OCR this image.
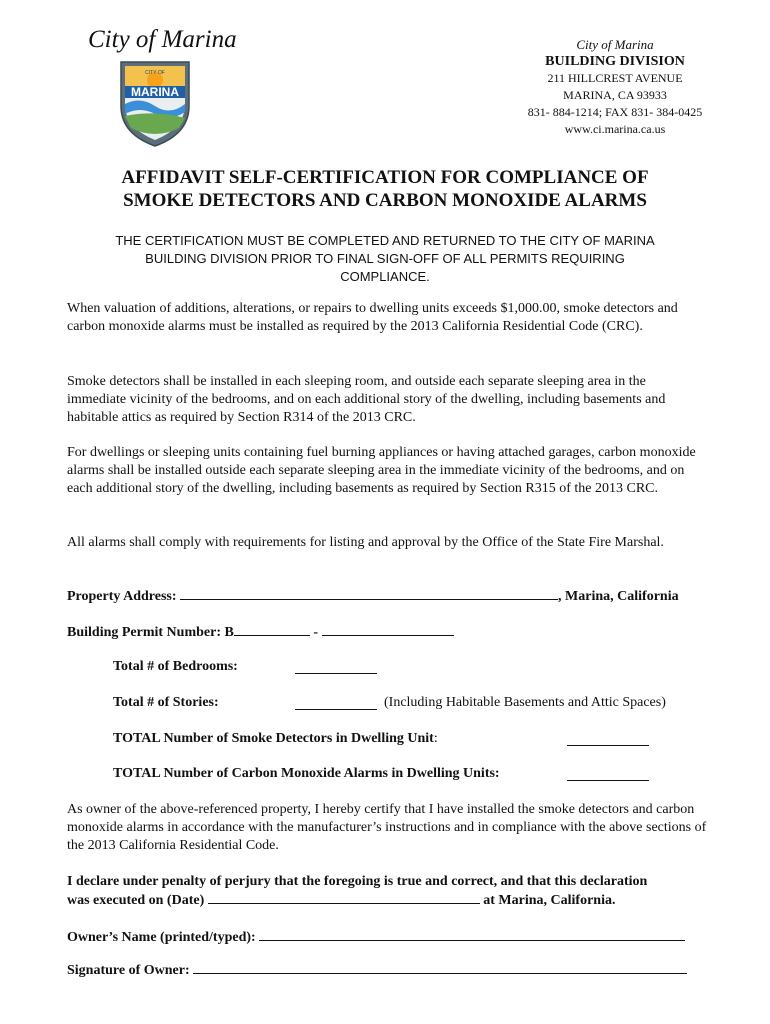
City of Marina
MARINA
CITY OF
City of Marina
BUILDING DIVISION
211 HILLCREST AVENUE
MARINA, CA 93933
831- 884-1214; FAX 831- 384-0425
www.ci.marina.ca.us
AFFIDAVIT SELF-CERTIFICATION FOR COMPLIANCE OF
SMOKE DETECTORS AND CARBON MONOXIDE ALARMS
THE CERTIFICATION MUST BE COMPLETED AND RETURNED TO THE CITY OF MARINA
BUILDING DIVISION PRIOR TO FINAL SIGN-OFF OF ALL PERMITS REQUIRING
COMPLIANCE.
When valuation of additions, alterations, or repairs to dwelling units exceeds $1,000.00, smoke detectors and carbon monoxide alarms must be installed as required by the 2013 California Residential Code (CRC).
Smoke detectors shall be installed in each sleeping room, and outside each separate sleeping area in the immediate vicinity of the bedrooms, and on each additional story of the dwelling, including basements and habitable attics as required by Section R314 of the 2013 CRC.
For dwellings or sleeping units containing fuel burning appliances or having attached garages, carbon monoxide alarms shall be installed outside each separate sleeping area in the immediate vicinity of the bedrooms, and on each additional story of the dwelling, including basements as required by Section R315 of the 2013 CRC.
All alarms shall comply with requirements for listing and approval by the Office of the State Fire Marshal.
Property Address:	, Marina, California
Building Permit Number: B	-
Total # of Bedrooms:
Total # of Stories:	(Including Habitable Basements and Attic Spaces)
TOTAL Number of Smoke Detectors in Dwelling Unit:
TOTAL Number of Carbon Monoxide Alarms in Dwelling Units:
As owner of the above-referenced property, I hereby certify that I have installed the smoke detectors and carbon monoxide alarms in accordance with the manufacturer’s instructions and in compliance with the above sections of the 2013 California Residential Code.
I declare under penalty of perjury that the foregoing is true and correct, and that this declaration
was executed on (Date)	at Marina, California.
Owner’s Name (printed/typed):
Signature of Owner:
